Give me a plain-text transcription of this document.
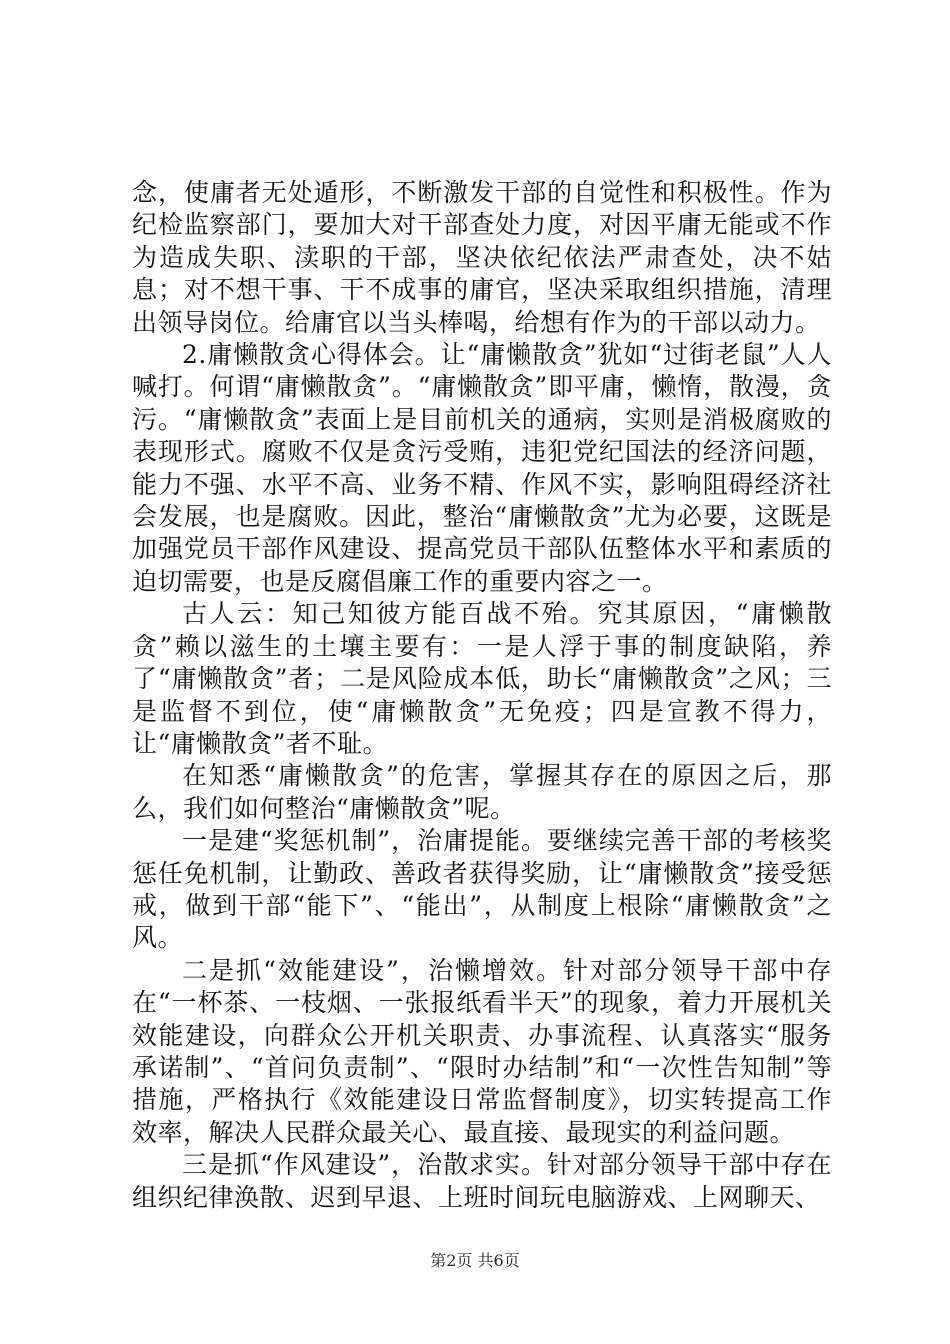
念，使庸者无处遁形，不断激发干部的自觉性和积极性。作为纪检监察部门，要加大对干部查处力度，对因平庸无能或不作为造成失职、渎职的干部，坚决依纪依法严肃查处，决不姑息；对不想干事、干不成事的庸官，坚决采取组织措施，清理出领导岗位。给庸官以当头棒喝，给想有作为的干部以动力。

2.庸懒散贪心得体会。让“庸懒散贪”犹如“过街老鼠”人人喊打。何谓“庸懒散贪”。“庸懒散贪”即平庸，懒惰，散漫，贪污。“庸懒散贪”表面上是目前机关的通病，实则是消极腐败的表现形式。腐败不仅是贪污受贿，违犯党纪国法的经济问题，能力不强、水平不高、业务不精、作风不实，影响阻碍经济社会发展，也是腐败。因此，整治“庸懒散贪”尤为必要，这既是加强党员干部作风建设、提高党员干部队伍整体水平和素质的迫切需要，也是反腐倡廉工作的重要内容之一。

古人云：知己知彼方能百战不殆。究其原因，“庸懒散贪”赖以滋生的土壤主要有：一是人浮于事的制度缺陷，养了“庸懒散贪”者；二是风险成本低，助长“庸懒散贪”之风；三是监督不到位，使“庸懒散贪”无免疫；四是宣教不得力，让“庸懒散贪”者不耻。

在知悉“庸懒散贪”的危害，掌握其存在的原因之后，那么，我们如何整治“庸懒散贪”呢。

一是建“奖惩机制”，治庸提能。要继续完善干部的考核奖惩任免机制，让勤政、善政者获得奖励，让“庸懒散贪”接受惩戒，做到干部“能下”、“能出”，从制度上根除“庸懒散贪”之风。

二是抓“效能建设”，治懒增效。针对部分领导干部中存在“一杯茶、一枝烟、一张报纸看半天”的现象，着力开展机关效能建设，向群众公开机关职责、办事流程、认真落实“服务承诺制”、“首问负责制”、“限时办结制”和“一次性告知制”等措施，严格执行《效能建设日常监督制度》，切实转提高工作效率，解决人民群众最关心、最直接、最现实的利益问题。

三是抓“作风建设”，治散求实。针对部分领导干部中存在组织纪律涣散、迟到早退、上班时间玩电脑游戏、上网聊天、

第2页 共6页
